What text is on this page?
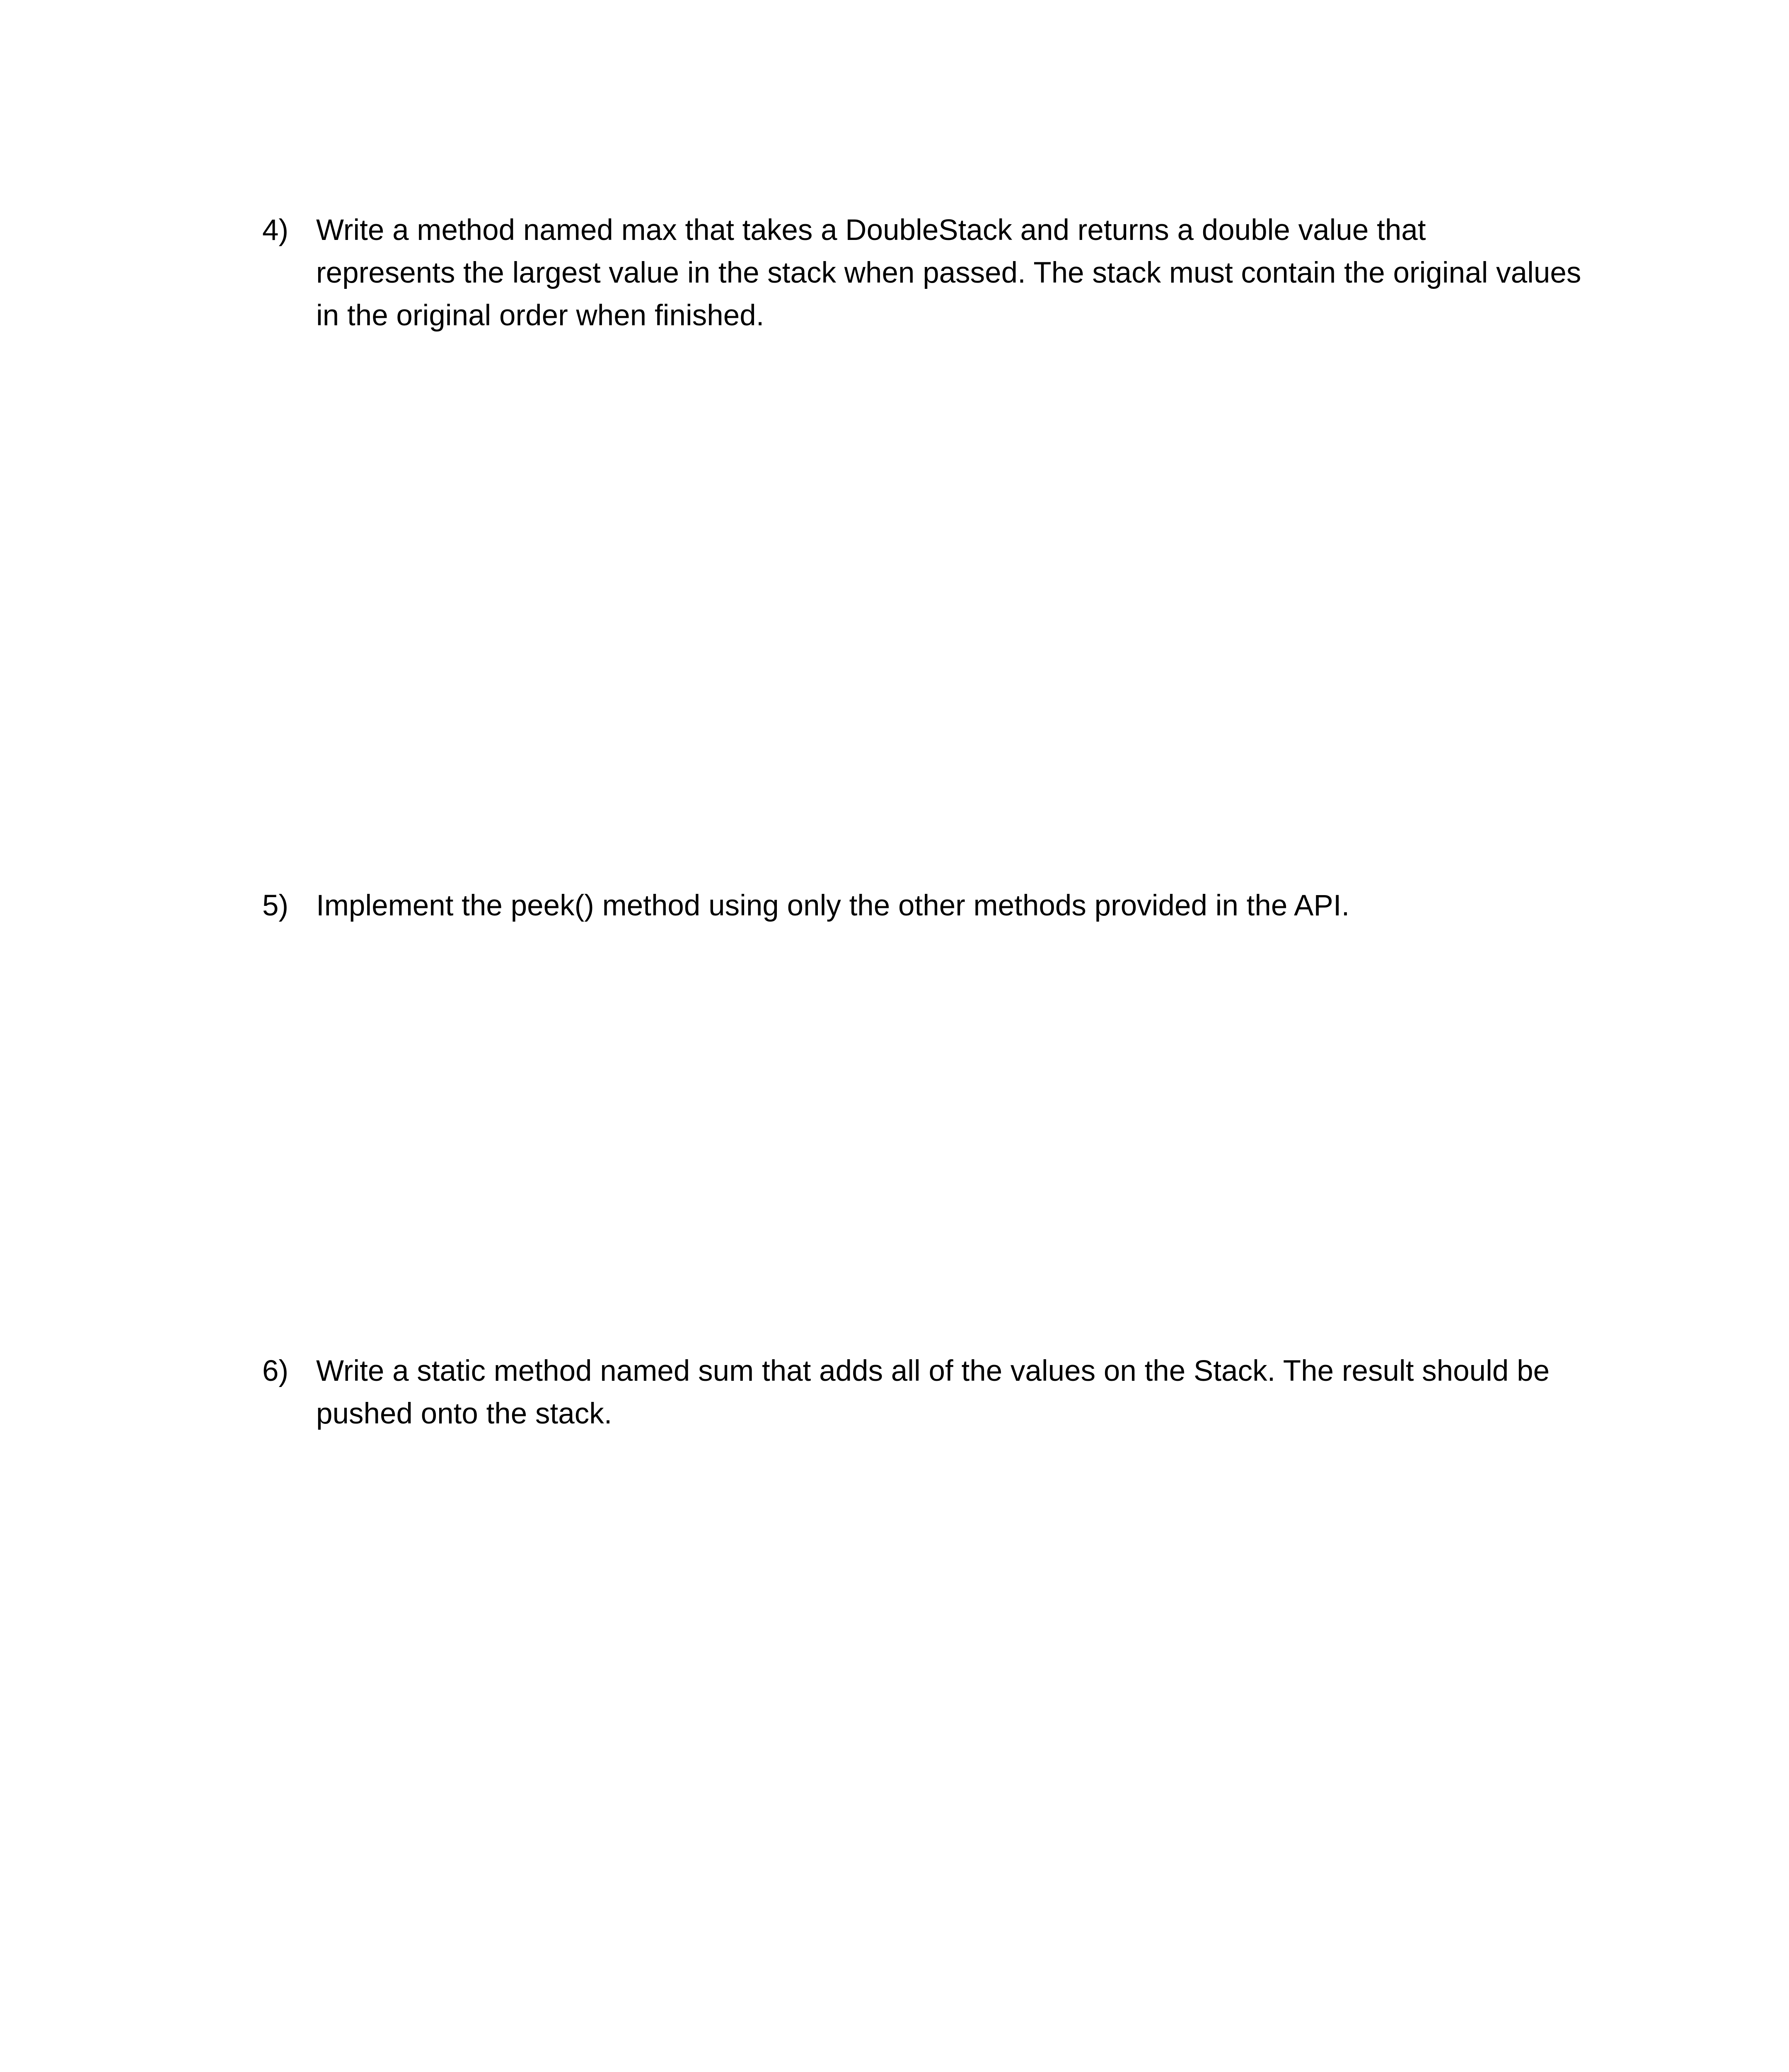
4) Write a method named max that takes a DoubleStack and returns a double value that
represents the largest value in the stack when passed. The stack must contain the original values
in the original order when finished.
5) Implement the peek() method using only the other methods provided in the API.
6) Write a static method named sum that adds all of the values on the Stack. The result should be
pushed onto the stack.
